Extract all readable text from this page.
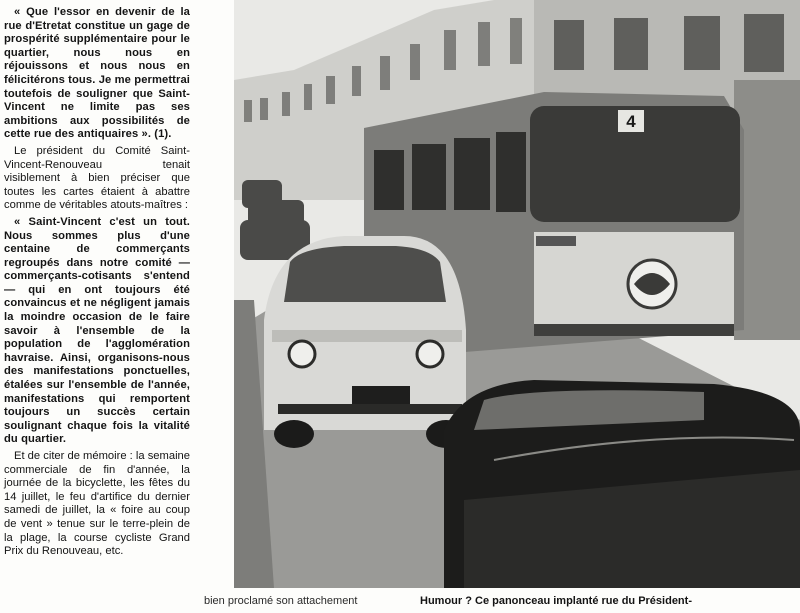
« Que l'essor en devenir de la rue d'Etretat constitue un gage de prospérité supplémentaire pour le quartier, nous nous en réjouissons et nous nous en félicitérons tous. Je me permettrai toutefois de souligner que Saint-Vincent ne limite pas ses ambitions aux possibilités de cette rue des antiquaires ». (1).

Le président du Comité Saint-Vincent-Renouveau tenait visiblement à bien préciser que toutes les cartes étaient à abattre comme de véritables atouts-maîtres :

« Saint-Vincent c'est un tout. Nous sommes plus d'une centaine de commerçants regroupés dans notre comité — commerçants-cotisants s'entend — qui en ont toujours été convaincus et ne négligent jamais la moindre occasion de le faire savoir à l'ensemble de la population de l'agglomération havraise. Ainsi, organisons-nous des manifestations ponctuelles, étalées sur l'ensemble de l'année, manifestations qui remportent toujours un succès certain soulignant chaque fois la vitalité du quartier.

Et de citer de mémoire : la semaine commerciale de fin d'année, la journée de la bicyclette, les fêtes du 14 juillet, le feu d'artifice du dernier samedi de juillet, la « foire au coup de vent » tenue sur le terre-plein de la plage, la course cycliste Grand Prix du Renouveau, etc.

4
bien proclamé son attachement	Humour ? Ce panonceau implanté rue du Président-
